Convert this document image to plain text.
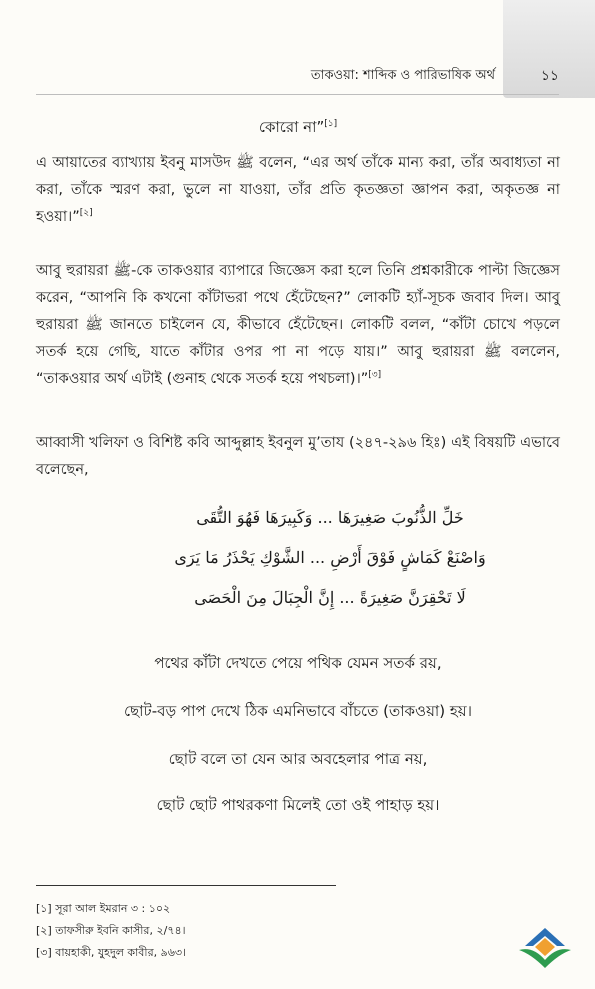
তাকওয়া: শাব্দিক ও পারিভাষিক অর্থ	১১
কোরো না”[১]
এ আয়াতের ব্যাখ্যায় ইবনু মাসউদ ﷺ বলেন, “এর অর্থ তাঁকে মান্য করা, তাঁর অবাধ্যতা না করা, তাঁকে স্মরণ করা, ভুলে না যাওয়া, তাঁর প্রতি কৃতজ্ঞতা জ্ঞাপন করা, অকৃতজ্ঞ না হওয়া।”[২]
আবু হুরায়রা ﷺ-কে তাকওয়ার ব্যাপারে জিজ্ঞেস করা হলে তিনি প্রশ্নকারীকে পাল্টা জিজ্ঞেস করেন, “আপনি কি কখনো কাঁটাভরা পথে হেঁটেছেন?” লোকটি হ্যাঁ-সূচক জবাব দিল। আবু হুরায়রা ﷺ জানতে চাইলেন যে, কীভাবে হেঁটেছেন। লোকটি বলল, “কাঁটা চোখে পড়লে সতর্ক হয়ে গেছি, যাতে কাঁটার ওপর পা না পড়ে যায়।” আবু হুরায়রা ﷺ বললেন, “তাকওয়ার অর্থ এটাই (গুনাহ থেকে সতর্ক হয়ে পথচলা)।”[৩]
আব্বাসী খলিফা ও বিশিষ্ট কবি আব্দুল্লাহ ইবনুল মু’তায (২৪৭-২৯৬ হিঃ) এই বিষয়টি এভাবে বলেছেন,
خَلِّ الذُّنُوبَ صَغِيرَهَا ... وَكَبِيرَهَا فَهُوَ التُّقَى
وَاصْنَعْ كَمَاشٍ فَوْقَ أَرْضِ ... الشَّوْكِ يَحْذَرُ مَا يَرَى
لَا تَحْقِرَنَّ صَغِيرَةً ... إِنَّ الْجِبَالَ مِنَ الْحَصَى
পথের কাঁটা দেখতে পেয়ে পথিক যেমন সতর্ক রয়,
ছোট-বড় পাপ দেখে ঠিক এমনিভাবে বাঁচতে (তাকওয়া) হয়।
ছোট বলে তা যেন আর অবহেলার পাত্র নয়,
ছোট ছোট পাথরকণা মিলেই তো ওই পাহাড় হয়।
[১] সূরা আল ইমরান ৩ : ১০২
[২] তাফসীরু ইবনি কাসীর, ২/৭৪।
[৩] বায়হাকী, যুহদুল কাবীর, ৯৬৩।
